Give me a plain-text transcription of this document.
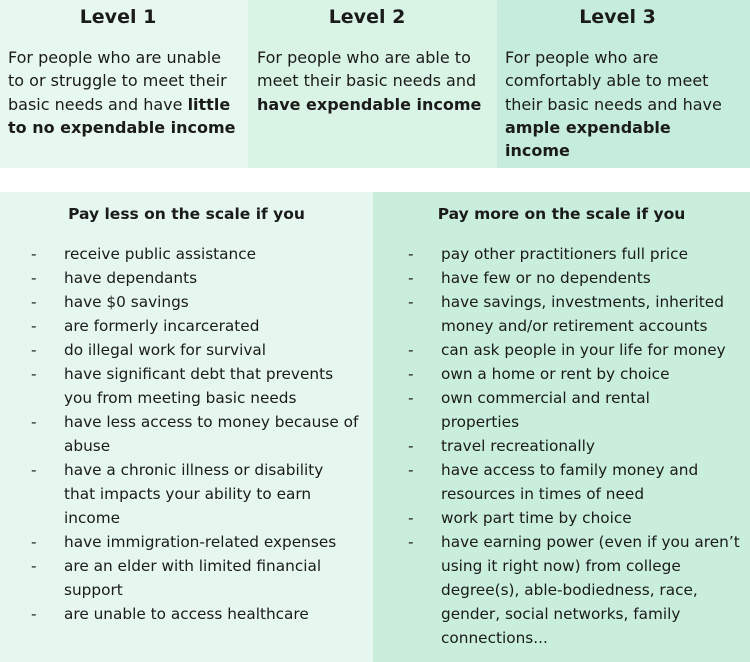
Level 1
For people who are unable to or struggle to meet their basic needs and have little to no expendable income
Level 2
For people who are able to meet their basic needs and have expendable income
Level 3
For people who are comfortably able to meet their basic needs and have ample expendable income
Pay less on the scale if you
- receive public assistance
- have dependants
- have $0 savings
- are formerly incarcerated
- do illegal work for survival
- have significant debt that prevents you from meeting basic needs
- have less access to money because of abuse
- have a chronic illness or disability that impacts your ability to earn income
- have immigration-related expenses
- are an elder with limited financial support
- are unable to access healthcare
Pay more on the scale if you
- pay other practitioners full price
- have few or no dependents
- have savings, investments, inherited money and/or retirement accounts
- can ask people in your life for money
- own a home or rent by choice
- own commercial and rental properties
- travel recreationally
- have access to family money and resources in times of need
- work part time by choice
- have earning power (even if you aren’t using it right now) from college degree(s), able-bodiedness, race, gender, social networks, family connections...
